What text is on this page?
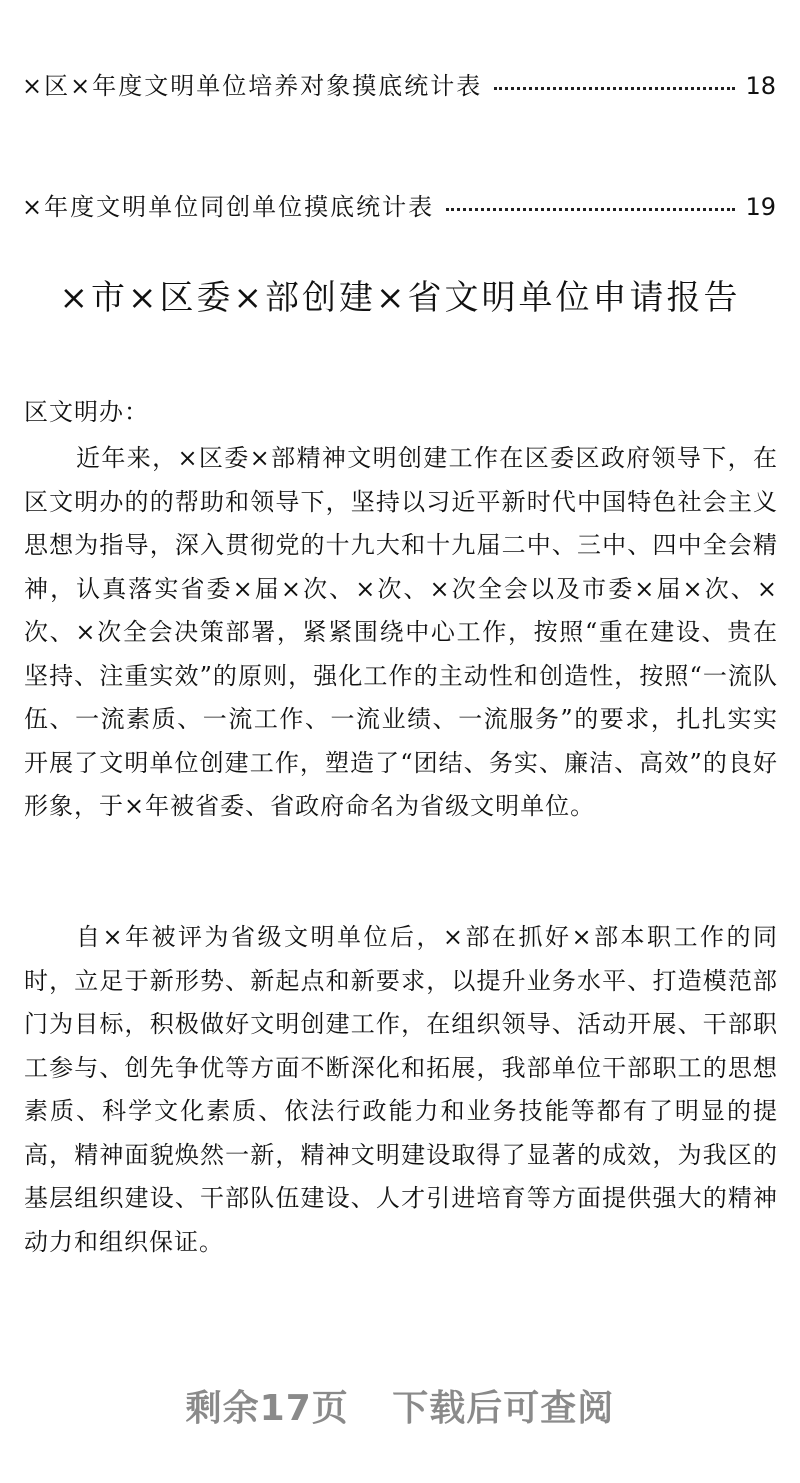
×区×年度文明单位培养对象摸底统计表	18
×年度文明单位同创单位摸底统计表	19
×市×区委×部创建×省文明单位申请报告

区文明办：

近年来，×区委×部精神文明创建工作在区委区政府领导下，在区文明办的的帮助和领导下，坚持以习近平新时代中国特色社会主义思想为指导，深入贯彻党的十九大和十九届二中、三中、四中全会精神，认真落实省委×届×次、×次、×次全会以及市委×届×次、×次、×次全会决策部署，紧紧围绕中心工作，按照“重在建设、贵在坚持、注重实效”的原则，强化工作的主动性和创造性，按照“一流队伍、一流素质、一流工作、一流业绩、一流服务”的要求，扎扎实实开展了文明单位创建工作，塑造了“团结、务实、廉洁、高效”的良好形象，于×年被省委、省政府命名为省级文明单位。

自×年被评为省级文明单位后，×部在抓好×部本职工作的同时，立足于新形势、新起点和新要求，以提升业务水平、打造模范部门为目标，积极做好文明创建工作，在组织领导、活动开展、干部职工参与、创先争优等方面不断深化和拓展，我部单位干部职工的思想素质、科学文化素质、依法行政能力和业务技能等都有了明显的提高，精神面貌焕然一新，精神文明建设取得了显著的成效，为我区的基层组织建设、干部队伍建设、人才引进培育等方面提供强大的精神动力和组织保证。

剩余17页 下载后可查阅
